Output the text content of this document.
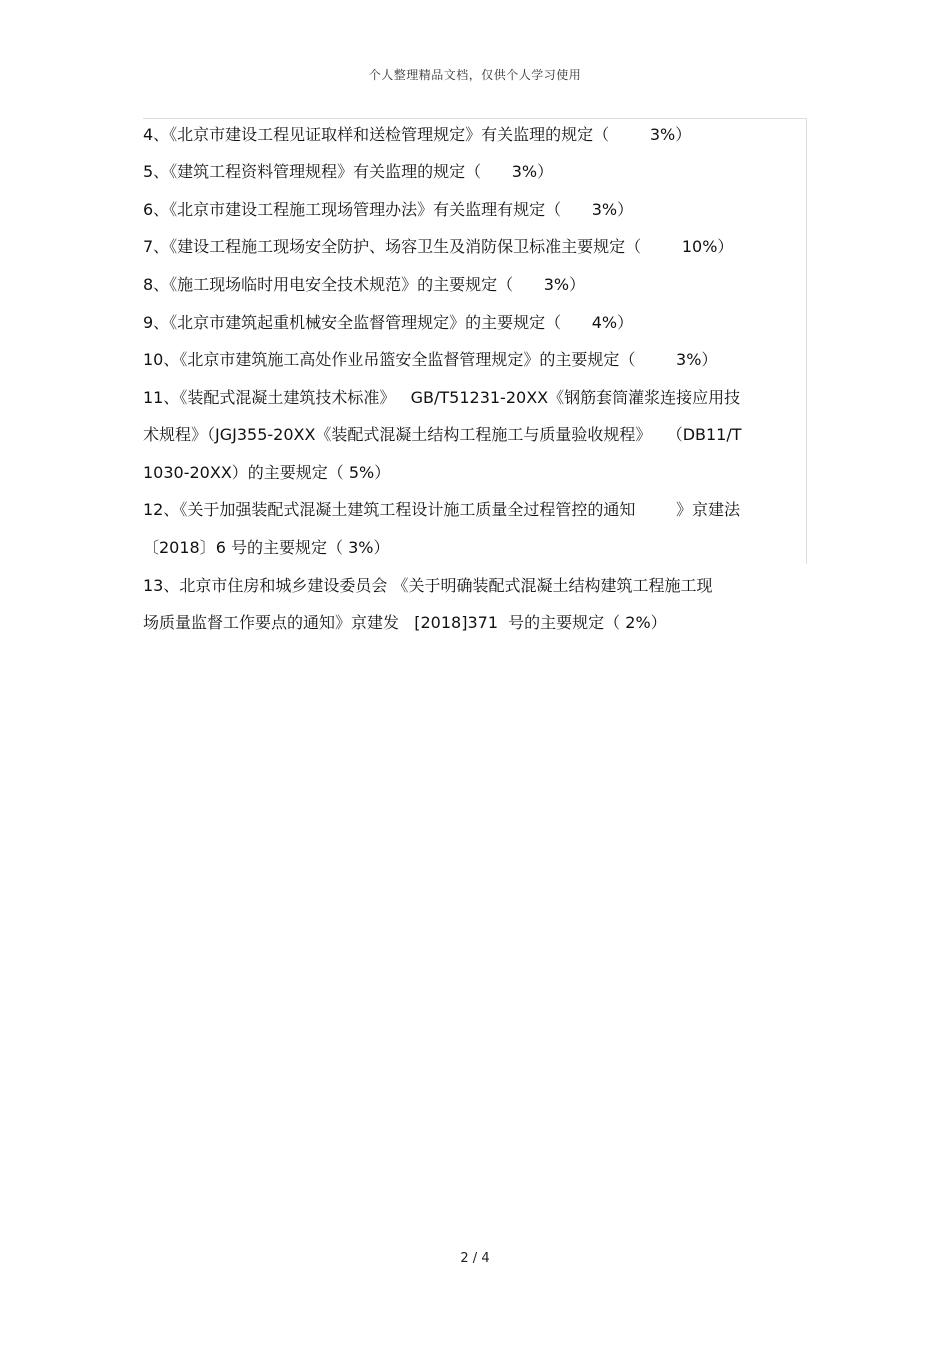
个人整理精品文档，仅供个人学习使用
4、《北京市建设工程见证取样和送检管理规定》有关监理的规定（        3%）
5、《建筑工程资料管理规程》有关监理的规定（      3%）
6、《北京市建设工程施工现场管理办法》有关监理有规定（      3%）
7、《建设工程施工现场安全防护、场容卫生及消防保卫标准主要规定（        10%）
8、《施工现场临时用电安全技术规范》的主要规定（      3%）
9、《北京市建筑起重机械安全监督管理规定》的主要规定（      4%）
10、《北京市建筑施工高处作业吊篮安全监督管理规定》的主要规定（        3%）
11、《装配式混凝土建筑技术标准》   GB/T51231-20XX《钢筋套筒灌浆连接应用技
术规程》（JGJ355-20XX《装配式混凝土结构工程施工与质量验收规程》   （DB11/T
1030-20XX）的主要规定（ 5%）
12、《关于加强装配式混凝土建筑工程设计施工质量全过程管控的通知        》京建法
〔2018〕6 号的主要规定（ 3%）
13、北京市住房和城乡建设委员会 《关于明确装配式混凝土结构建筑工程施工现
场质量监督工作要点的通知》京建发   [2018]371  号的主要规定（ 2%）
2 / 4
